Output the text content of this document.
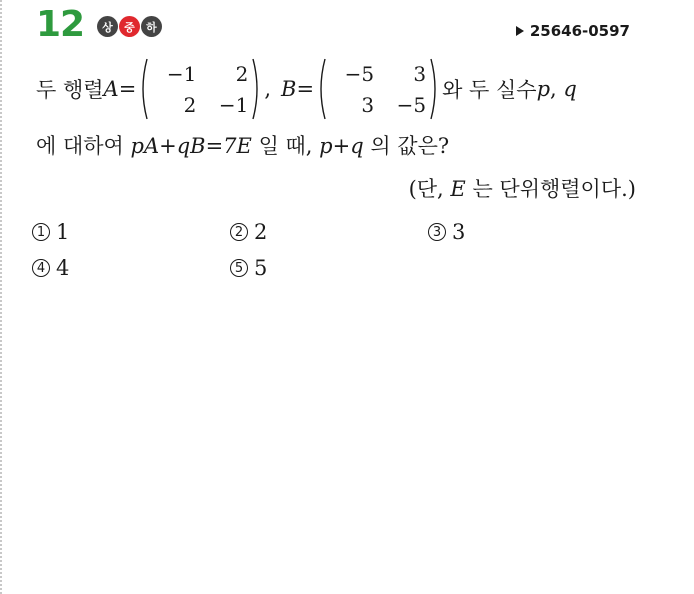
12	상	중	하	25646-0597
두 행렬 A =
−1	2
2	−1
, B =
−5	3
3	−5
와 두 실수 p , q
에 대하여 pA+qB=7E 일 때, p+q 의 값은?
(단, E 는 단위행렬이다.)
1 1	2 2	3 3
4 4	5 5
